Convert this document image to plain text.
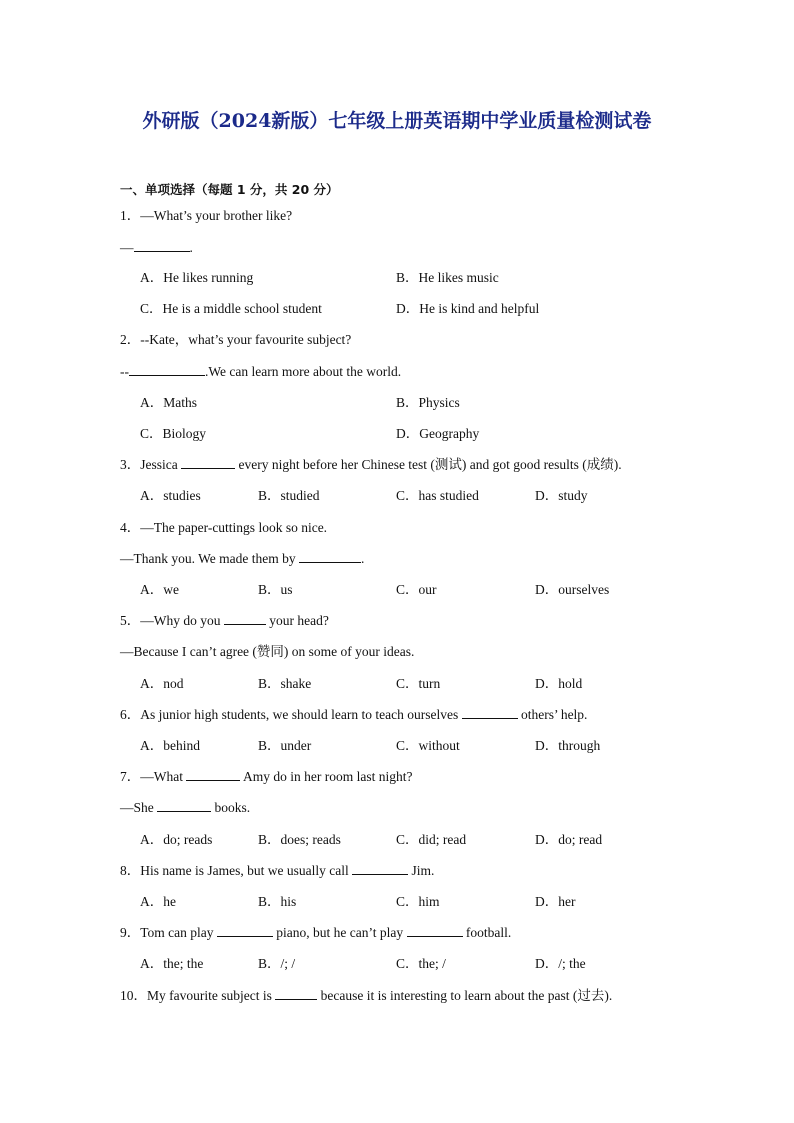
外研版（2024新版）七年级上册英语期中学业质量检测试卷
一、单项选择（每题 1 分，共 20 分）
1．—What’s your brother like?
—	.
A．He likes running	B．He likes music
C．He is a middle school student	D．He is kind and helpful
2．--Kate，what’s your favourite subject?
--	.We can learn more about the world.
A．Maths	B．Physics
C．Biology	D．Geography
3．Jessica	every night before her Chinese test (测试) and got good results (成绩).
A．studies	B．studied	C．has studied	D．study
4．—The paper-cuttings look so nice.
—Thank you. We made them by	.
A．we	B．us	C．our	D．ourselves
5．—Why do you	your head?
—Because I can’t agree (赞同) on some of your ideas.
A．nod	B．shake	C．turn	D．hold
6．As junior high students, we should learn to teach ourselves	others’ help.
A．behind	B．under	C．without	D．through
7．—What	Amy do in her room last night?
—She	books.
A．do; reads	B．does; reads	C．did; read	D．do; read
8．His name is James, but we usually call	Jim.
A．he	B．his	C．him	D．her
9．Tom can play	piano, but he can’t play	football.
A．the; the	B．/; /	C．the; /	D．/; the
10．My favourite subject is	because it is interesting to learn about the past (过去).
